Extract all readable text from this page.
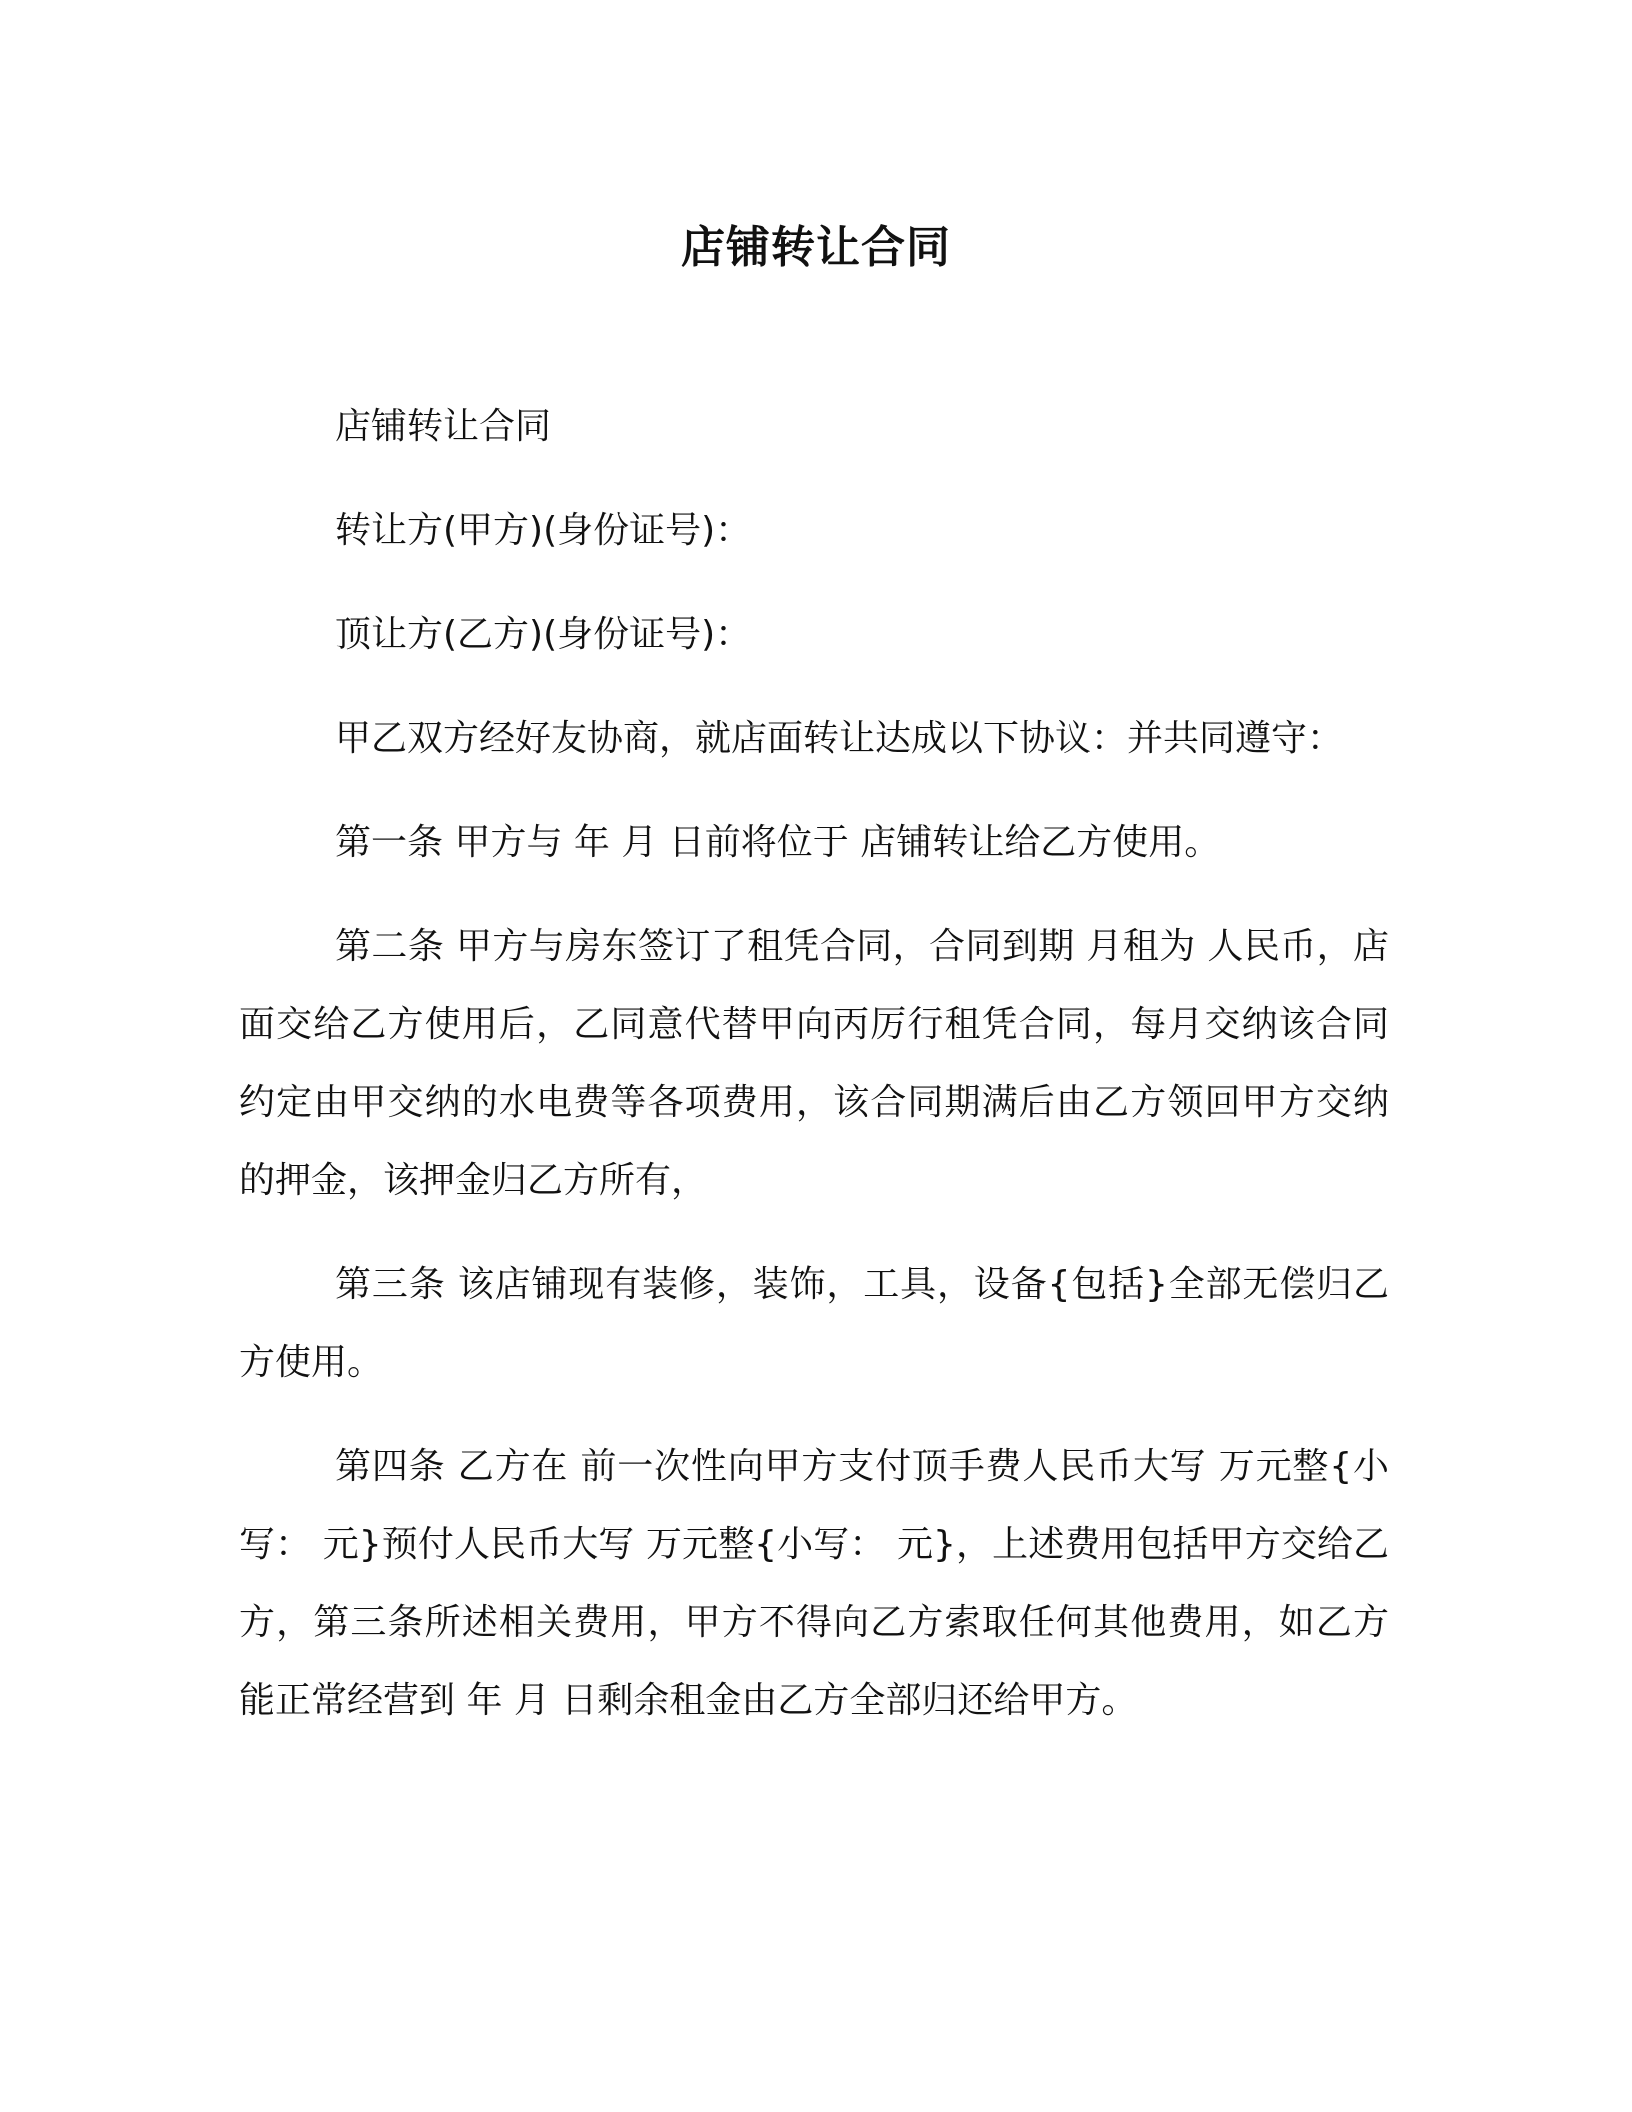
店铺转让合同

店铺转让合同

转让方(甲方)(身份证号)：

顶让方(乙方)(身份证号)：

甲乙双方经好友协商，就店面转让达成以下协议：并共同遵守：

第一条 甲方与 年 月 日前将位于 店铺转让给乙方使用。

第二条 甲方与房东签订了租凭合同，合同到期 月租为 人民币，店面交给乙方使用后，乙同意代替甲向丙厉行租凭合同，每月交纳该合同约定由甲交纳的水电费等各项费用，该合同期满后由乙方领回甲方交纳的押金，该押金归乙方所有，

第三条 该店铺现有装修，装饰，工具，设备{包括}全部无偿归乙方使用。

第四条 乙方在 前一次性向甲方支付顶手费人民币大写 万元整{小写： 元}预付人民币大写 万元整{小写： 元}，上述费用包括甲方交给乙方，第三条所述相关费用，甲方不得向乙方索取任何其他费用，如乙方能正常经营到 年 月 日剩余租金由乙方全部归还给甲方。
